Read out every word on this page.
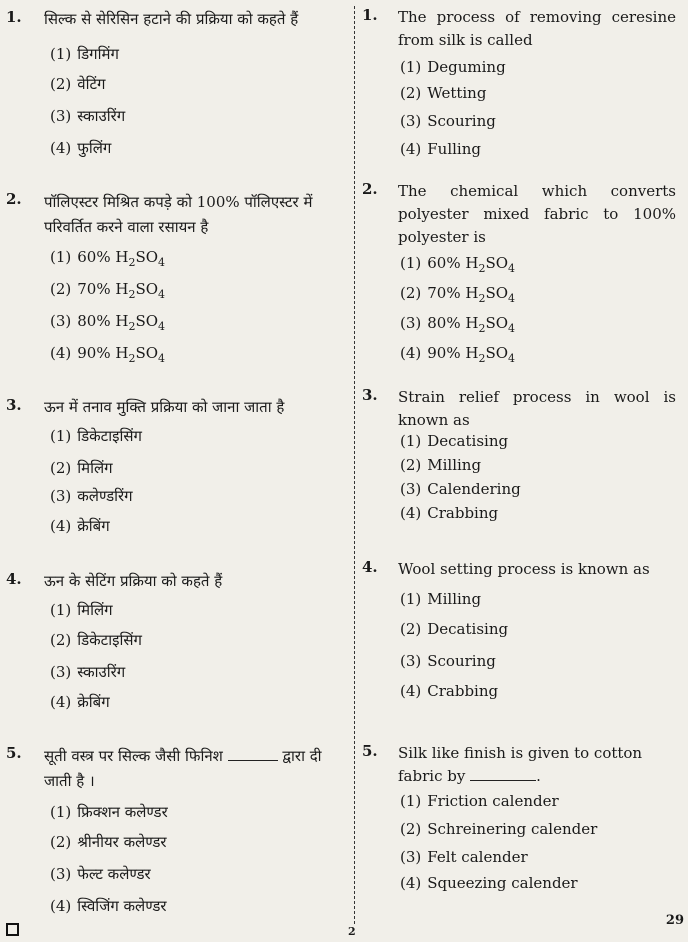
1. सिल्क से सेरिसिन हटाने की प्रक्रिया को कहते हैं
(1) डिगमिंग
(2) वेटिंग
(3) स्काउरिंग
(4) फुलिंग
2. पॉलिएस्टर मिश्रित कपड़े को 100% पॉलिएस्टर में परिवर्तित करने वाला रसायन है
(1) 60% $H_2SO_4$
(2) 70% $H_2SO_4$
(3) 80% $H_2SO_4$
(4) 90% $H_2SO_4$
3. ऊन में तनाव मुक्ति प्रक्रिया को जाना जाता है
(1) डिकेटाइसिंग
(2) मिलिंग
(3) कलेण्डरिंग
(4) क्रेबिंग
4. ऊन के सेटिंग प्रक्रिया को कहते हैं
(1) मिलिंग
(2) डिकेटाइसिंग
(3) स्काउरिंग
(4) क्रेबिंग
5. सूती वस्त्र पर सिल्क जैसी फिनिश	द्वारा दी जाती है ।
(1) फ्रिक्शन कलेण्डर
(2) श्रीनीयर कलेण्डर
(3) फेल्ट कलेण्डर
(4) स्विजिंग कलेण्डर
1. The process of removing ceresine from silk is called
(1) Deguming
(2) Wetting
(3) Scouring
(4) Fulling
2. The chemical which converts polyester mixed fabric to 100% polyester is
(1) 60% $H_2SO_4$
(2) 70% $H_2SO_4$
(3) 80% $H_2SO_4$
(4) 90% $H_2SO_4$
3. Strain relief process in wool is known as
(1) Decatising
(2) Milling
(3) Calendering
(4) Crabbing
4. Wool setting process is known as
(1) Milling
(2) Decatising
(3) Scouring
(4) Crabbing
5. Silk like finish is given to cotton fabric by	.
(1) Friction calender
(2) Schreinering calender
(3) Felt calender
(4) Squeezing calender
2
29
